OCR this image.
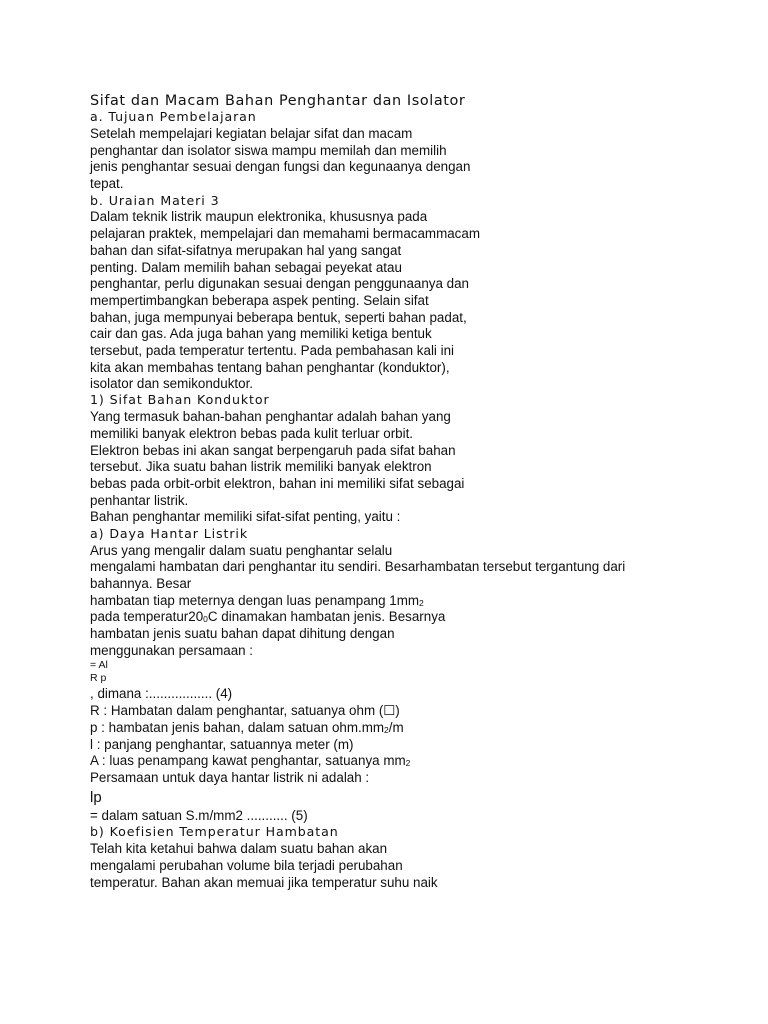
Sifat dan Macam Bahan Penghantar dan Isolator
a. Tujuan Pembelajaran
Setelah mempelajari kegiatan belajar sifat dan macam
penghantar dan isolator siswa mampu memilah dan memilih
jenis penghantar sesuai dengan fungsi dan kegunaanya dengan
tepat.
b. Uraian Materi 3
Dalam teknik listrik maupun elektronika, khususnya pada
pelajaran praktek, mempelajari dan memahami bermacammacam
bahan dan sifat-sifatnya merupakan hal yang sangat
penting. Dalam memilih bahan sebagai peyekat atau
penghantar, perlu digunakan sesuai dengan penggunaanya dan
mempertimbangkan beberapa aspek penting. Selain sifat
bahan, juga mempunyai beberapa bentuk, seperti bahan padat,
cair dan gas. Ada juga bahan yang memiliki ketiga bentuk
tersebut, pada temperatur tertentu. Pada pembahasan kali ini
kita akan membahas tentang bahan penghantar (konduktor),
isolator dan semikonduktor.
1) Sifat Bahan Konduktor
Yang termasuk bahan-bahan penghantar adalah bahan yang
memiliki banyak elektron bebas pada kulit terluar orbit.
Elektron bebas ini akan sangat berpengaruh pada sifat bahan
tersebut. Jika suatu bahan listrik memiliki banyak elektron
bebas pada orbit-orbit elektron, bahan ini memiliki sifat sebagai
penhantar listrik.
Bahan penghantar memiliki sifat-sifat penting, yaitu :
a) Daya Hantar Listrik
Arus yang mengalir dalam suatu penghantar selalu
mengalami hambatan dari penghantar itu sendiri. Besarhambatan tersebut tergantung dari
bahannya. Besar
hambatan tiap meternya dengan luas penampang $1mm_2$
pada $temperatur20_0C$ dinamakan hambatan jenis. Besarnya
hambatan jenis suatu bahan dapat dihitung dengan
menggunakan persamaan :
= Al
R p
, dimana :................. (4)
R : Hambatan dalam penghantar, satuanya ohm (☐)
p : hambatan jenis bahan, dalam satuan $ohm.mm_2/m$
l : panjang penghantar, satuannya meter (m)
A : luas penampang kawat penghantar, satuanya $mm_2$
Persamaan untuk daya hantar listrik ni adalah :
lp
= dalam satuan S.m/mm2 ........... (5)
b) Koefisien Temperatur Hambatan
Telah kita ketahui bahwa dalam suatu bahan akan
mengalami perubahan volume bila terjadi perubahan
temperatur. Bahan akan memuai jika temperatur suhu naik
